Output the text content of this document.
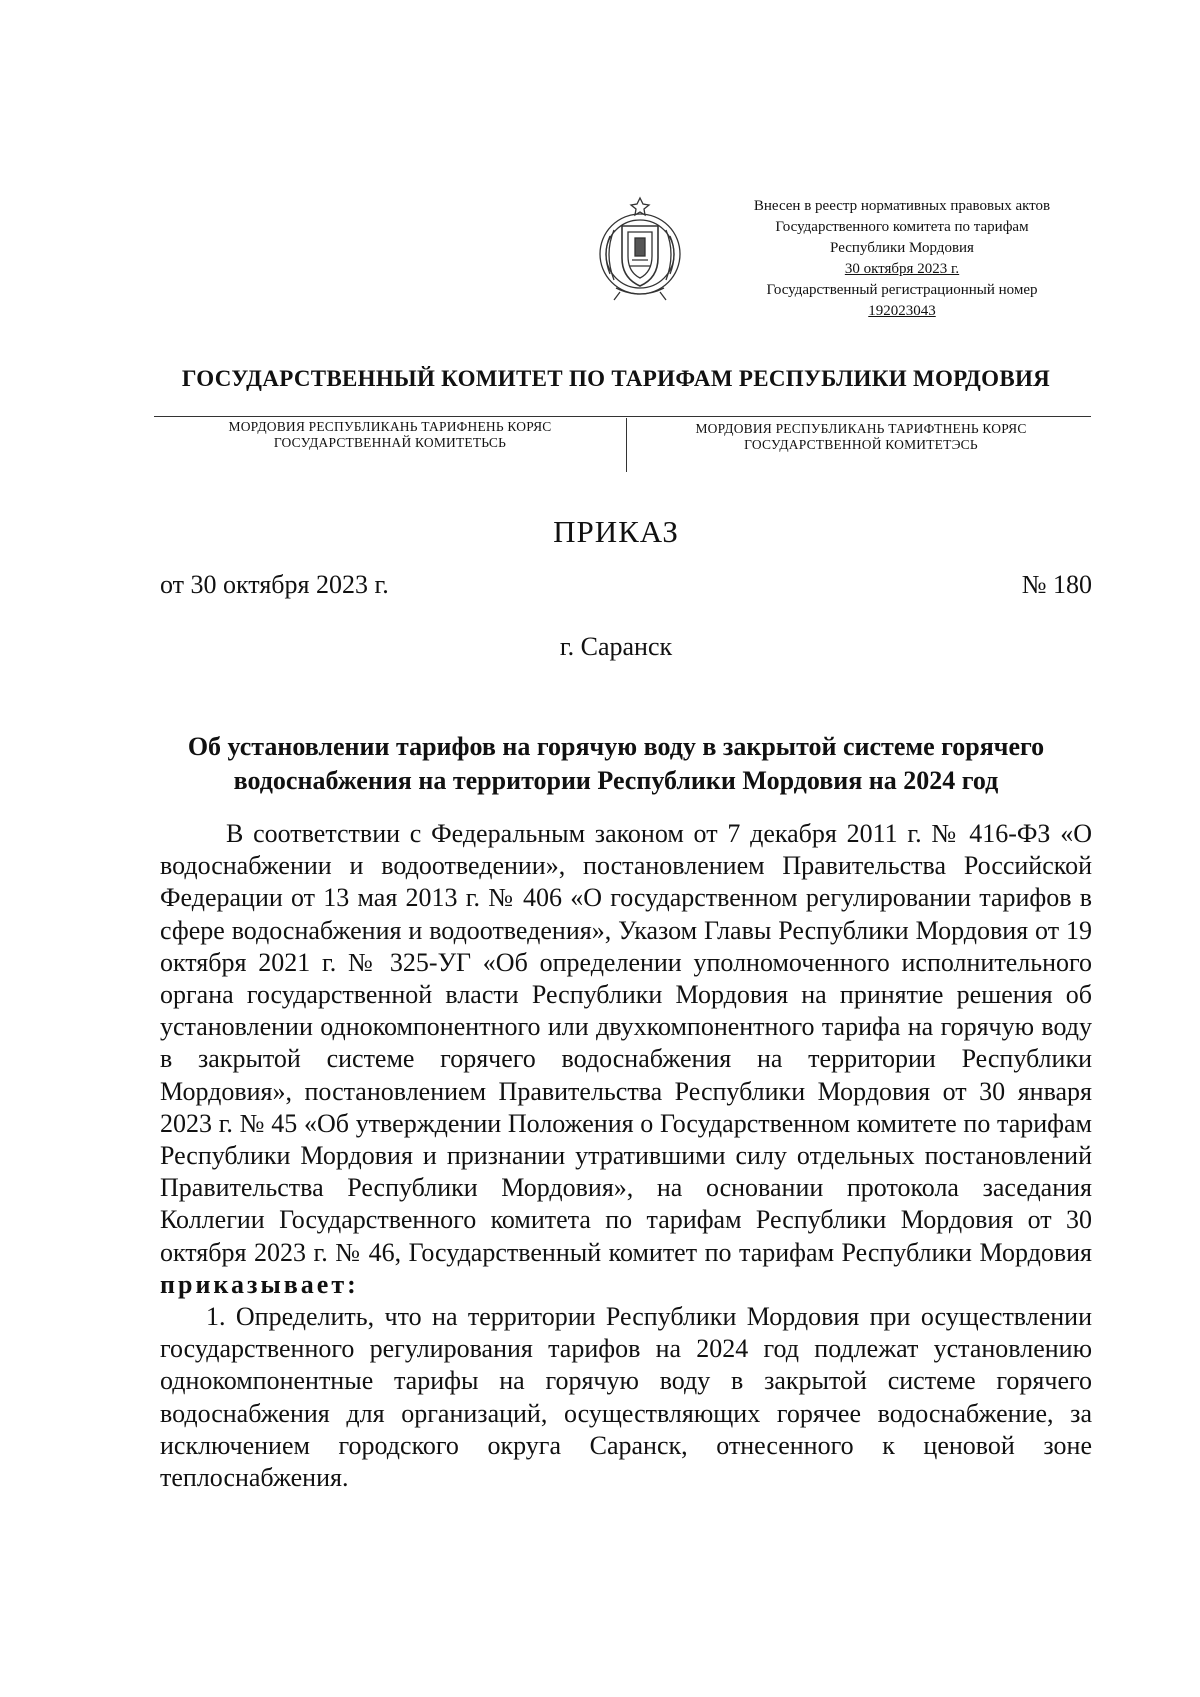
Внесен в реестр нормативных правовых актов
Государственного комитета по тарифам
Республики Мордовия
30 октября 2023 г.
Государственный регистрационный номер
192023043
ГОСУДАРСТВЕННЫЙ КОМИТЕТ ПО ТАРИФАМ РЕСПУБЛИКИ МОРДОВИЯ
МОРДОВИЯ РЕСПУБЛИКАНЬ ТАРИФНЕНЬ КОРЯС
ГОСУДАРСТВЕННАЙ КОМИТЕТЬСЬ
МОРДОВИЯ РЕСПУБЛИКАНЬ ТАРИФТНЕНЬ КОРЯС
ГОСУДАРСТВЕННОЙ КОМИТЕТЭСЬ
ПРИКАЗ
от 30 октября 2023 г.	№ 180
г. Саранск
Об установлении тарифов на горячую воду в закрытой системе горячего
водоснабжения на территории Республики Мордовия на 2024 год

В соответствии с Федеральным законом от 7 декабря 2011 г. № 416-ФЗ «О водоснабжении и водоотведении», постановлением Правительства Российской Федерации от 13 мая 2013 г. № 406 «О государственном регулировании тарифов в сфере водоснабжения и водоотведения», Указом Главы Республики Мордовия от 19 октября 2021 г. № 325-УГ «Об определении уполномоченного исполнительного органа государственной власти Республики Мордовия на принятие решения об установлении однокомпонентного или двухкомпонентного тарифа на горячую воду в закрытой системе горячего водоснабжения на территории Республики Мордовия», постановлением Правительства Республики Мордовия от 30 января 2023 г. № 45 «Об утверждении Положения о Государственном комитете по тарифам Республики Мордовия и признании утратившими силу отдельных постановлений Правительства Республики Мордовия», на основании протокола заседания Коллегии Государственного комитета по тарифам Республики Мордовия от 30 октября 2023 г. № 46, Государственный комитет по тарифам Республики Мордовия приказывает:

1. Определить, что на территории Республики Мордовия при осуществлении государственного регулирования тарифов на 2024 год подлежат установлению однокомпонентные тарифы на горячую воду в закрытой системе горячего водоснабжения для организаций, осуществляющих горячее водоснабжение, за исключением городского округа Саранск, отнесенного к ценовой зоне теплоснабжения.
